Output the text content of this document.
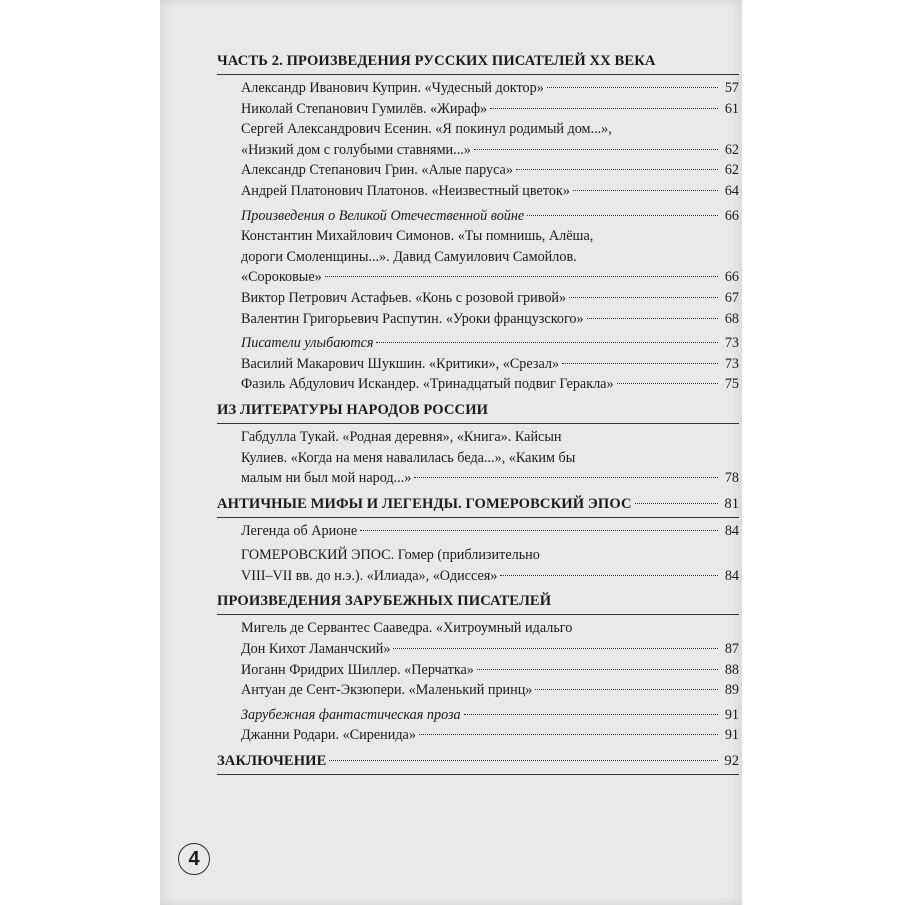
ЧАСТЬ 2. ПРОИЗВЕДЕНИЯ РУССКИХ ПИСАТЕЛЕЙ XX ВЕКА
Александр Иванович Куприн. «Чудесный доктор»	57
Николай Степанович Гумилёв. «Жираф»	61
Сергей Александрович Есенин. «Я покинул родимый дом...»,
«Низкий дом с голубыми ставнями...»	62
Александр Степанович Грин. «Алые паруса»	62
Андрей Платонович Платонов. «Неизвестный цветок»	64
Произведения о Великой Отечественной войне	66
Константин Михайлович Симонов. «Ты помнишь, Алёша,
дороги Смоленщины...». Давид Самуилович Самойлов.
«Сороковые»	66
Виктор Петрович Астафьев. «Конь с розовой гривой»	67
Валентин Григорьевич Распутин. «Уроки французского»	68
Писатели улыбаются	73
Василий Макарович Шукшин. «Критики», «Срезал»	73
Фазиль Абдулович Искандер. «Тринадцатый подвиг Геракла»	75
ИЗ ЛИТЕРАТУРЫ НАРОДОВ РОССИИ
Габдулла Тукай. «Родная деревня», «Книга». Кайсын
Кулиев. «Когда на меня навалилась беда...», «Каким бы
малым ни был мой народ...»	78
АНТИЧНЫЕ МИФЫ И ЛЕГЕНДЫ. ГОМЕРОВСКИЙ ЭПОС	81
Легенда об Арионе	84
ГОМЕРОВСКИЙ ЭПОС. Гомер (приблизительно
VIII–VII вв. до н.э.). «Илиада», «Одиссея»	84
ПРОИЗВЕДЕНИЯ ЗАРУБЕЖНЫХ ПИСАТЕЛЕЙ
Мигель де Сервантес Сааведра. «Хитроумный идальго
Дон Кихот Ламанчский»	87
Иоганн Фридрих Шиллер. «Перчатка»	88
Антуан де Сент-Экзюпери. «Маленький принц»	89
Зарубежная фантастическая проза	91
Джанни Родари. «Сиренида»	91
ЗАКЛЮЧЕНИЕ	92
4
